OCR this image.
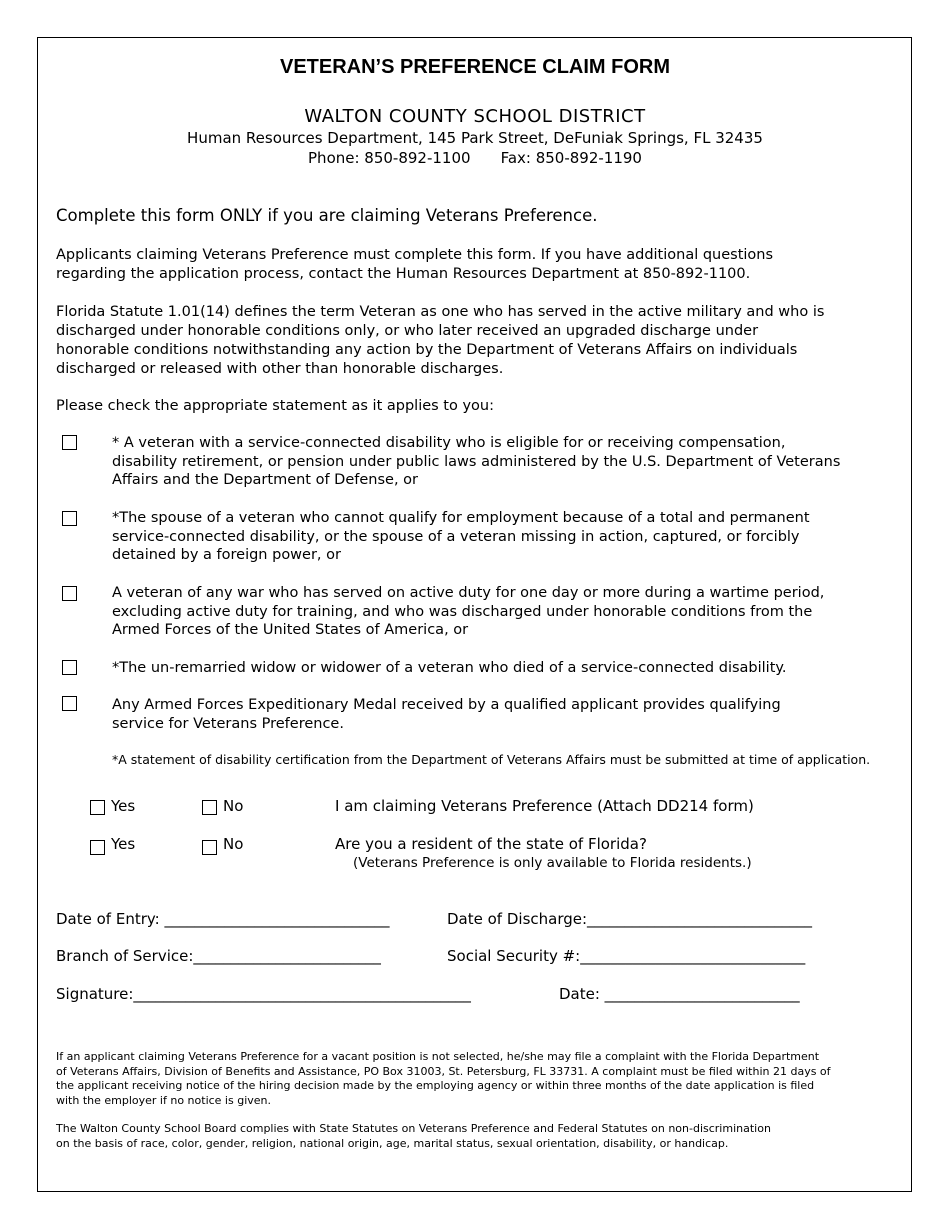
VETERAN’S PREFERENCE CLAIM FORM
WALTON COUNTY SCHOOL DISTRICT
Human Resources Department, 145 Park Street, DeFuniak Springs, FL 32435
Phone: 850-892-1100 Fax: 850-892-1190
Complete this form ONLY if you are claiming Veterans Preference.
Applicants claiming Veterans Preference must complete this form. If you have additional questions
regarding the application process, contact the Human Resources Department at 850-892-1100.
Florida Statute 1.01(14) defines the term Veteran as one who has served in the active military and who is
discharged under honorable conditions only, or who later received an upgraded discharge under
honorable conditions notwithstanding any action by the Department of Veterans Affairs on individuals
discharged or released with other than honorable discharges.
Please check the appropriate statement as it applies to you:
* A veteran with a service-connected disability who is eligible for or receiving compensation,
disability retirement, or pension under public laws administered by the U.S. Department of Veterans
Affairs and the Department of Defense, or
*The spouse of a veteran who cannot qualify for employment because of a total and permanent
service-connected disability, or the spouse of a veteran missing in action, captured, or forcibly
detained by a foreign power, or
A veteran of any war who has served on active duty for one day or more during a wartime period,
excluding active duty for training, and who was discharged under honorable conditions from the
Armed Forces of the United States of America, or
*The un-remarried widow or widower of a veteran who died of a service-connected disability.
Any Armed Forces Expeditionary Medal received by a qualified applicant provides qualifying
service for Veterans Preference.
*A statement of disability certification from the Department of Veterans Affairs must be submitted at time of application.
Yes	No	I am claiming Veterans Preference (Attach DD214 form)
Yes	No	Are you a resident of the state of Florida?
(Veterans Preference is only available to Florida residents.)
Date of Entry: ______________________________	Date of Discharge:______________________________
Branch of Service:_________________________	Social Security #:______________________________
Signature:_____________________________________________	Date: __________________________
If an applicant claiming Veterans Preference for a vacant position is not selected, he/she may file a complaint with the Florida Department
of Veterans Affairs, Division of Benefits and Assistance, PO Box 31003, St. Petersburg, FL 33731. A complaint must be filed within 21 days of
the applicant receiving notice of the hiring decision made by the employing agency or within three months of the date application is filed
with the employer if no notice is given.
The Walton County School Board complies with State Statutes on Veterans Preference and Federal Statutes on non-discrimination
on the basis of race, color, gender, religion, national origin, age, marital status, sexual orientation, disability, or handicap.
